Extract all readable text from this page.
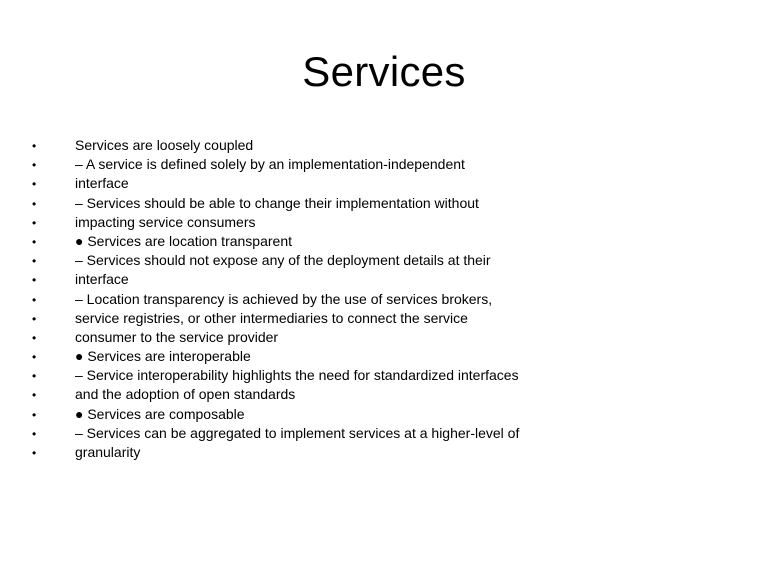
Services
•	Services are loosely coupled
•	– A service is defined solely by an implementation-independent
•	interface
•	– Services should be able to change their implementation without
•	impacting service consumers
•	● Services are location transparent
•	– Services should not expose any of the deployment details at their
•	interface
•	– Location transparency is achieved by the use of services brokers,
•	service registries, or other intermediaries to connect the service
•	consumer to the service provider
•	● Services are interoperable
•	– Service interoperability highlights the need for standardized interfaces
•	and the adoption of open standards
•	● Services are composable
•	– Services can be aggregated to implement services at a higher-level of
•	granularity
